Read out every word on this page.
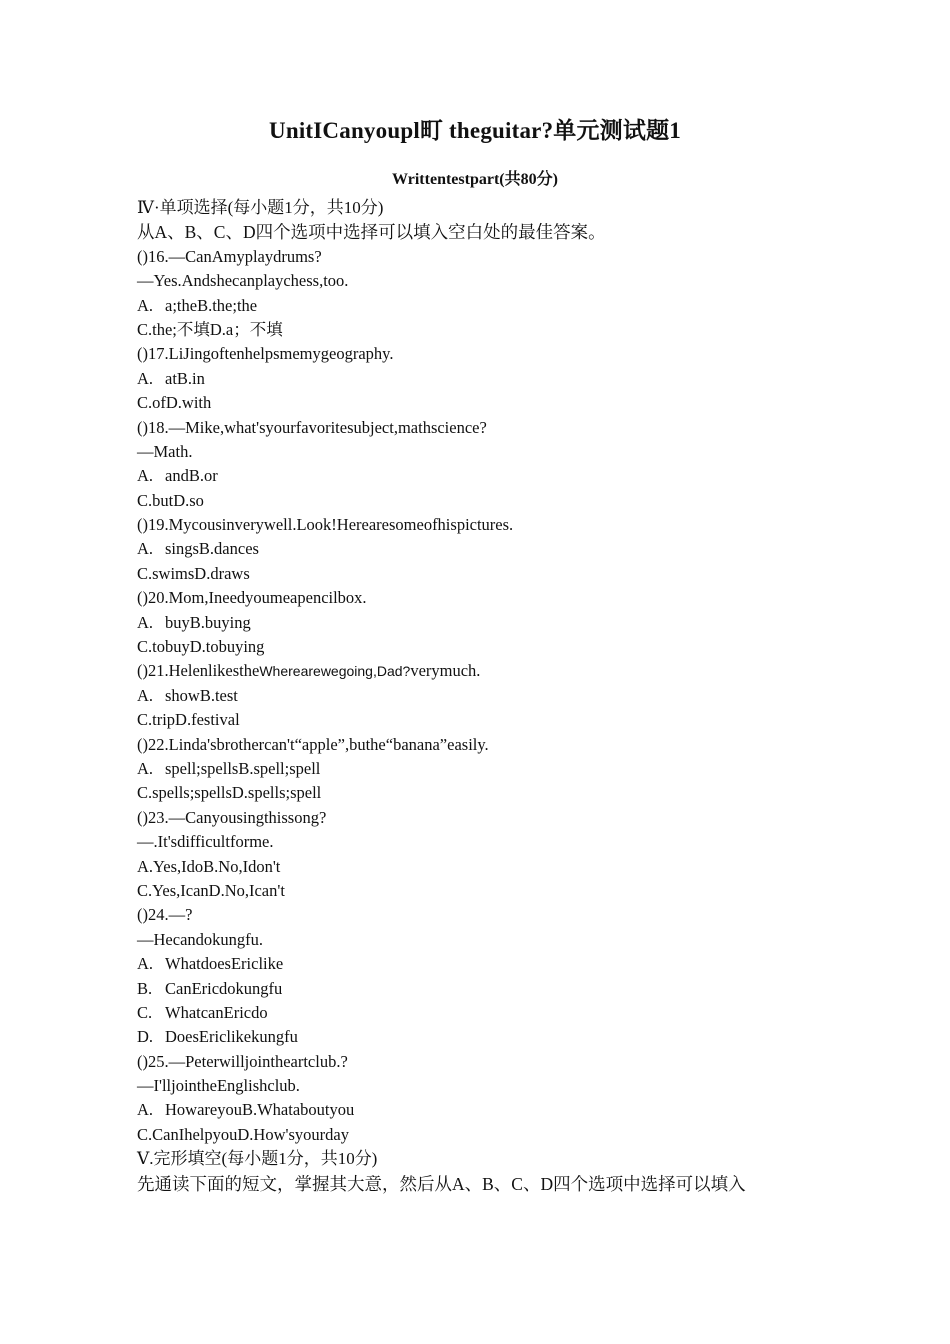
UnitICanyoupl町 theguitar?单元测试题1
Writtentestpart(共80分)
Ⅳ·单项选择(每小题1分，共10分)
从A、B、C、D四个选项中选择可以填入空白处的最佳答案。
()16.—CanAmyplaydrums?
—Yes.Andshecanplaychess,too.
A. a;theB.the;the
C.the;不填D.a；不填
()17.LiJingoftenhelpsmemygeography.
A. atB.in
C.ofD.with
()18.—Mike,what'syourfavoritesubject,mathscience?
—Math.
A. andB.or
C.butD.so
()19.Mycousinverywell.Look!Herearesomeofhispictures.
A. singsB.dances
C.swimsD.draws
()20.Mom,Ineedyoumeapencilbox.
A. buyB.buying
C.tobuyD.tobuying
()21.HelenlikestheWherearewegoing,Dad?verymuch.
A. showB.test
C.tripD.festival
()22.Linda'sbrothercan't“apple”,buthe“banana”easily.
A. spell;spellsB.spell;spell
C.spells;spellsD.spells;spell
()23.—Canyousingthissong?
—.It'sdifficultforme.
A.Yes,IdoB.No,Idon't
C.Yes,IcanD.No,Ican't
()24.—?
—Hecandokungfu.
A. WhatdoesEriclike
B. CanEricdokungfu
C. WhatcanEricdo
D. DoesEriclikekungfu
()25.—Peterwilljointheartclub.?
—I'lljointheEnglishclub.
A. HowareyouB.Whataboutyou
C.CanIhelpyouD.How'syourday
Ⅴ.完形填空(每小题1分，共10分)
先通读下面的短文，掌握其大意，然后从A、B、C、D四个选项中选择可以填入
